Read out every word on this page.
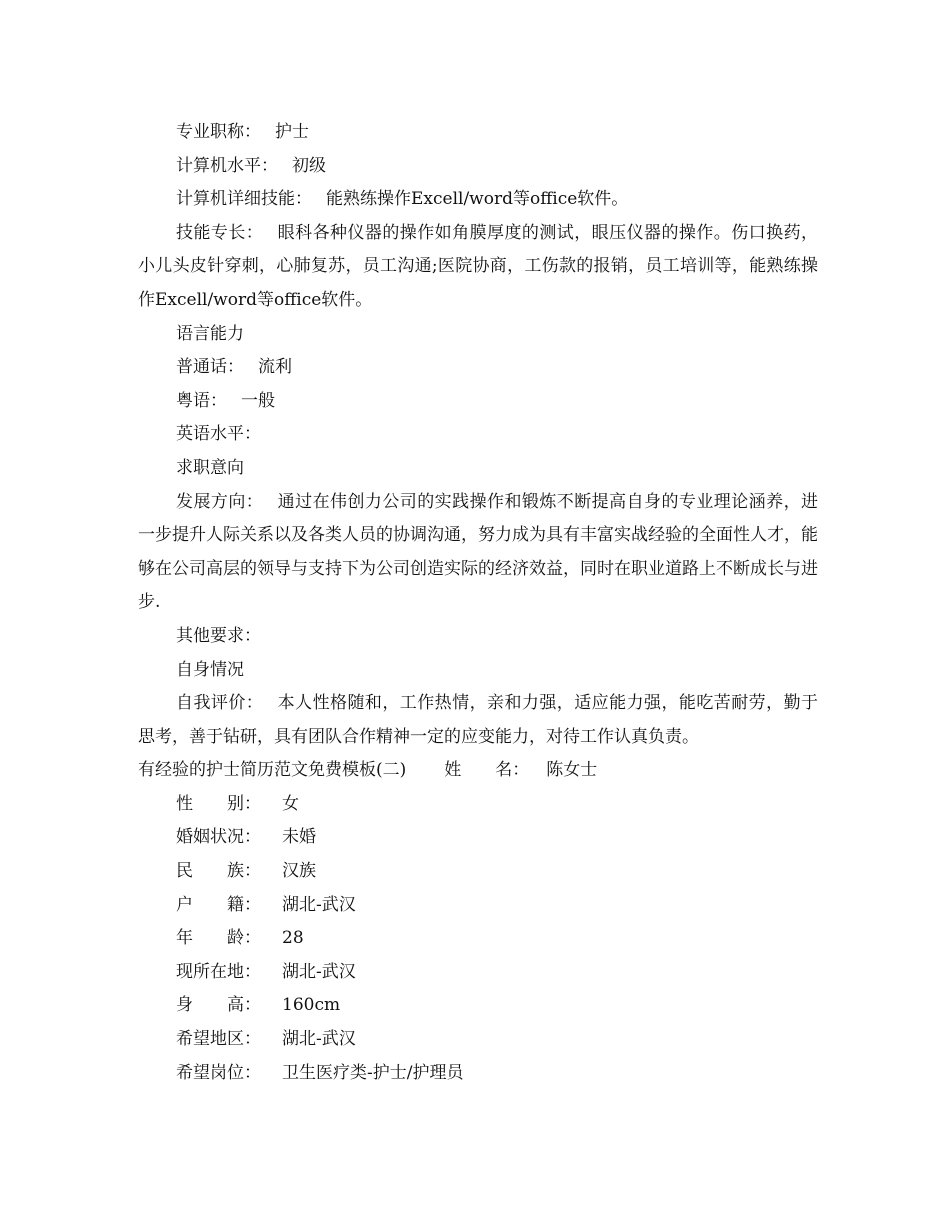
专业职称： 护士
计算机水平： 初级
计算机详细技能： 能熟练操作Excell/word等office软件。
技能专长： 眼科各种仪器的操作如角膜厚度的测试，眼压仪器的操作。伤口换药，小儿头皮针穿刺，心肺复苏，员工沟通;医院协商，工伤款的报销，员工培训等，能熟练操作Excell/word等office软件。
语言能力
普通话： 流利
粤语： 一般
英语水平：
求职意向
发展方向： 通过在伟创力公司的实践操作和锻炼不断提高自身的专业理论涵养，进一步提升人际关系以及各类人员的协调沟通，努力成为具有丰富实战经验的全面性人才，能够在公司高层的领导与支持下为公司创造实际的经济效益，同时在职业道路上不断成长与进步.
其他要求：
自身情况
自我评价： 本人性格随和，工作热情，亲和力强，适应能力强，能吃苦耐劳，勤于思考，善于钻研，具有团队合作精神一定的应变能力，对待工作认真负责。
有经验的护士简历范文免费模板(二) 姓　　名： 陈女士
性　　别： 女
婚姻状况： 未婚
民　　族： 汉族
户　　籍： 湖北-武汉
年　　龄： 28
现所在地： 湖北-武汉
身　　高： 160cm
希望地区： 湖北-武汉
希望岗位： 卫生医疗类-护士/护理员
